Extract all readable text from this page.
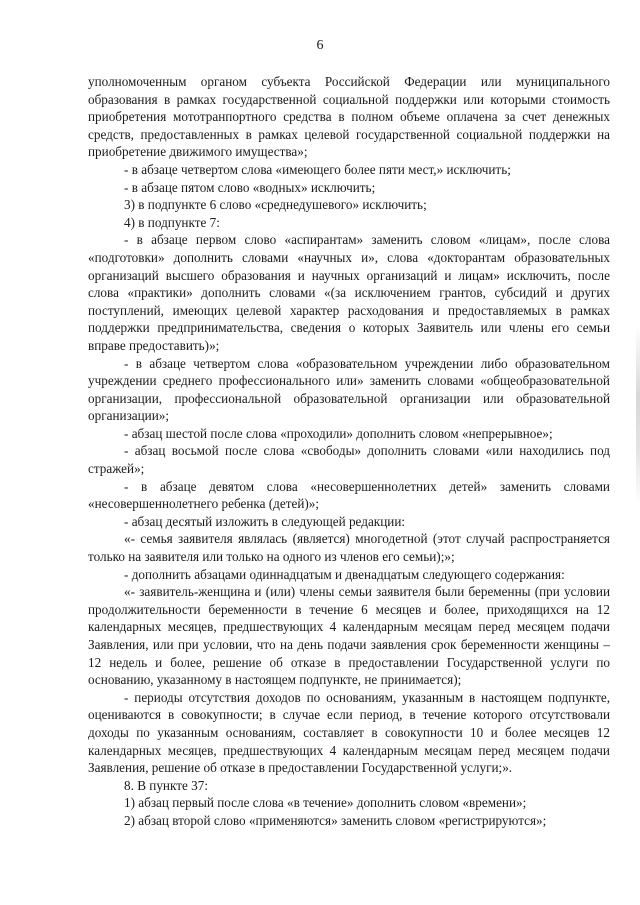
6

уполномоченным органом субъекта Российской Федерации или муниципального образования в рамках государственной социальной поддержки или которыми стоимость приобретения мототранпортного средства в полном объеме оплачена за счет денежных средств, предоставленных в рамках целевой государственной социальной поддержки на приобретение движимого имущества»;

- в абзаце четвертом слова «имеющего более пяти мест,» исключить;

- в абзаце пятом слово «водных» исключить;

3) в подпункте 6 слово «среднедушевого» исключить;

4) в подпункте 7:

- в абзаце первом слово «аспирантам» заменить словом «лицам», после слова «подготовки» дополнить словами «научных и», слова «докторантам образовательных организаций высшего образования и научных организаций и лицам» исключить, после слова «практики» дополнить словами «(за исключением грантов, субсидий и других поступлений, имеющих целевой характер расходования и предоставляемых в рамках поддержки предпринимательства, сведения о которых Заявитель или члены его семьи вправе предоставить)»;

- в абзаце четвертом слова «образовательном учреждении либо образовательном учреждении среднего профессионального или» заменить словами «общеобразовательной организации, профессиональной образовательной организации или образовательной организации»;

- абзац шестой после слова «проходили» дополнить словом «непрерывное»;

- абзац восьмой после слова «свободы» дополнить словами «или находились под стражей»;

- в абзаце девятом слова «несовершеннолетних детей» заменить словами «несовершеннолетнего ребенка (детей)»;

- абзац десятый изложить в следующей редакции:

«- семья заявителя являлась (является) многодетной (этот случай распространяется только на заявителя или только на одного из членов его семьи);»;

- дополнить абзацами одиннадцатым и двенадцатым следующего содержания:

«- заявитель-женщина и (или) члены семьи заявителя были беременны (при условии продолжительности беременности в течение 6 месяцев и более, приходящихся на 12 календарных месяцев, предшествующих 4 календарным месяцам перед месяцем подачи Заявления, или при условии, что на день подачи заявления срок беременности женщины – 12 недель и более, решение об отказе в предоставлении Государственной услуги по основанию, указанному в настоящем подпункте, не принимается);

- периоды отсутствия доходов по основаниям, указанным в настоящем подпункте, оцениваются в совокупности; в случае если период, в течение которого отсутствовали доходы по указанным основаниям, составляет в совокупности 10 и более месяцев 12 календарных месяцев, предшествующих 4 календарным месяцам перед месяцем подачи Заявления, решение об отказе в предоставлении Государственной услуги;».

8. В пункте 37:

1) абзац первый после слова «в течение» дополнить словом «времени»;

2) абзац второй слово «применяются» заменить словом «регистрируются»;
